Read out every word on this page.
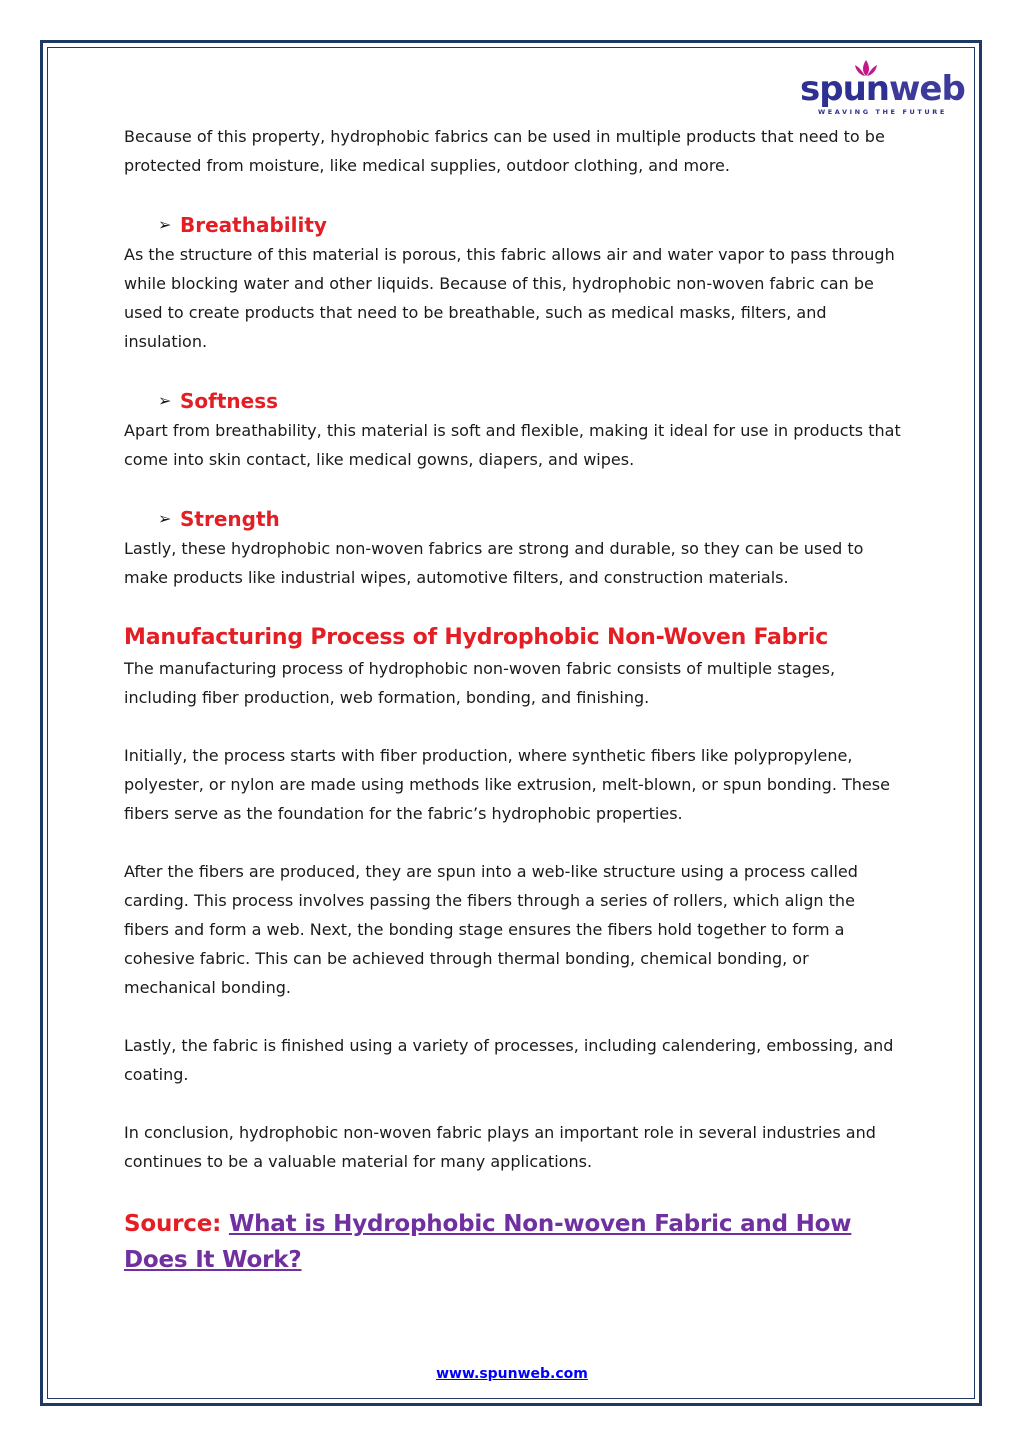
spunweb
WEAVING THE FUTURE

Because of this property, hydrophobic fabrics can be used in multiple products that need to be protected from moisture, like medical supplies, outdoor clothing, and more.

➢ Breathability

As the structure of this material is porous, this fabric allows air and water vapor to pass through while blocking water and other liquids. Because of this, hydrophobic non-woven fabric can be used to create products that need to be breathable, such as medical masks, filters, and insulation.

➢ Softness

Apart from breathability, this material is soft and flexible, making it ideal for use in products that come into skin contact, like medical gowns, diapers, and wipes.

➢ Strength

Lastly, these hydrophobic non-woven fabrics are strong and durable, so they can be used to make products like industrial wipes, automotive filters, and construction materials.

Manufacturing Process of Hydrophobic Non-Woven Fabric

The manufacturing process of hydrophobic non-woven fabric consists of multiple stages, including fiber production, web formation, bonding, and finishing.

Initially, the process starts with fiber production, where synthetic fibers like polypropylene, polyester, or nylon are made using methods like extrusion, melt-blown, or spun bonding. These fibers serve as the foundation for the fabric’s hydrophobic properties.

After the fibers are produced, they are spun into a web-like structure using a process called carding. This process involves passing the fibers through a series of rollers, which align the fibers and form a web. Next, the bonding stage ensures the fibers hold together to form a cohesive fabric. This can be achieved through thermal bonding, chemical bonding, or mechanical bonding.

Lastly, the fabric is finished using a variety of processes, including calendering, embossing, and coating.

In conclusion, hydrophobic non-woven fabric plays an important role in several industries and continues to be a valuable material for many applications.

Source: What is Hydrophobic Non-woven Fabric and How Does It Work?

www.spunweb.com
